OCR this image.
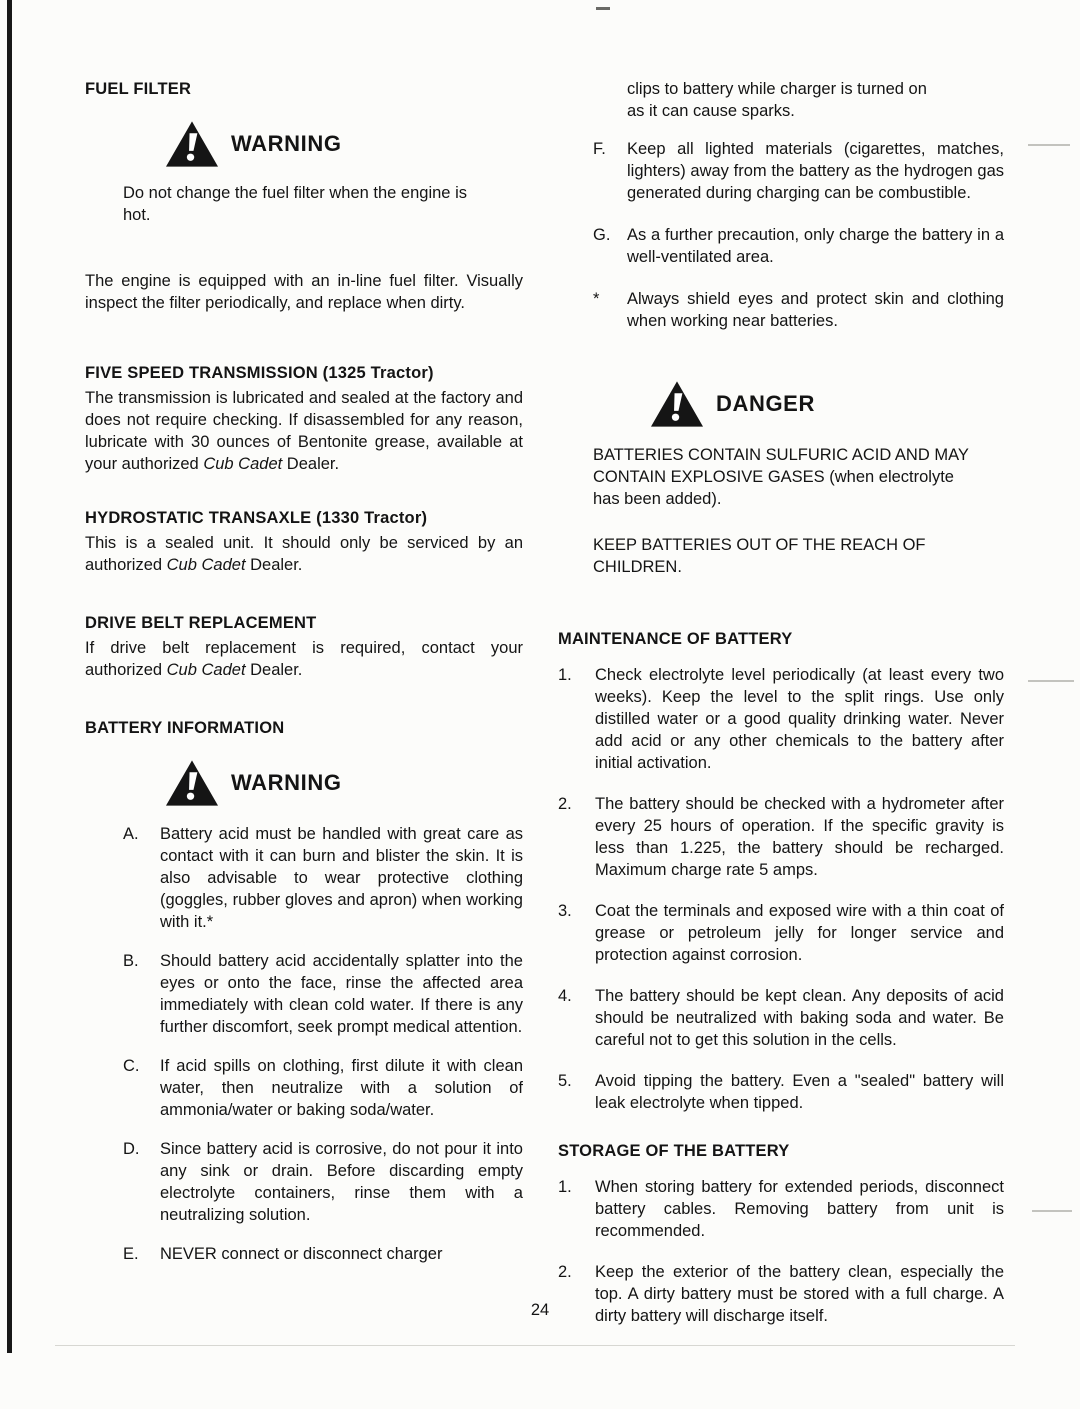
FUEL FILTER
WARNING

Do not change the fuel filter when the engine is hot.

The engine is equipped with an in-line fuel filter. Visually inspect the filter periodically, and replace when dirty.

FIVE SPEED TRANSMISSION (1325 Tractor)

The transmission is lubricated and sealed at the factory and does not require checking. If disassembled for any reason, lubricate with 30 ounces of Bentonite grease, available at your authorized Cub Cadet Dealer.

HYDROSTATIC TRANSAXLE (1330 Tractor)

This is a sealed unit. It should only be serviced by an authorized Cub Cadet Dealer.

DRIVE BELT REPLACEMENT

If drive belt replacement is required, contact your authorized Cub Cadet Dealer.

BATTERY INFORMATION
WARNING
A.	Battery acid must be handled with great care as contact with it can burn and blister the skin. It is also advisable to wear protective clothing (goggles, rubber gloves and apron) when working with it.*
B.	Should battery acid accidentally splatter into the eyes or onto the face, rinse the affected area immediately with clean cold water. If there is any further discomfort, seek prompt medical attention.
C.	If acid spills on clothing, first dilute it with clean water, then neutralize with a solution of ammonia/water or baking soda/water.
D.	Since battery acid is corrosive, do not pour it into any sink or drain. Before discarding empty electrolyte containers, rinse them with a neutralizing solution.
E.	NEVER connect or disconnect charger

clips to battery while charger is turned on as it can cause sparks.

F.	Keep all lighted materials (cigarettes, matches, lighters) away from the battery as the hydrogen gas generated during charging can be combustible.
G.	As a further precaution, only charge the battery in a well-ventilated area.
*	Always shield eyes and protect skin and clothing when working near batteries.
DANGER

BATTERIES CONTAIN SULFURIC ACID AND MAY CONTAIN EXPLOSIVE GASES (when electrolyte has been added).

KEEP BATTERIES OUT OF THE REACH OF CHILDREN.

MAINTENANCE OF BATTERY
1.	Check electrolyte level periodically (at least every two weeks). Keep the level to the split rings. Use only distilled water or a good quality drinking water. Never add acid or any other chemicals to the battery after initial activation.
2.	The battery should be checked with a hydrometer after every 25 hours of operation. If the specific gravity is less than 1.225, the battery should be recharged. Maximum charge rate 5 amps.
3.	Coat the terminals and exposed wire with a thin coat of grease or petroleum jelly for longer service and protection against corrosion.
4.	The battery should be kept clean. Any deposits of acid should be neutralized with baking soda and water. Be careful not to get this solution in the cells.
5.	Avoid tipping the battery. Even a "sealed" battery will leak electrolyte when tipped.
STORAGE OF THE BATTERY
1.	When storing battery for extended periods, disconnect battery cables. Removing battery from unit is recommended.
2.	Keep the exterior of the battery clean, especially the top. A dirty battery must be stored with a full charge. A dirty battery will discharge itself.
24
